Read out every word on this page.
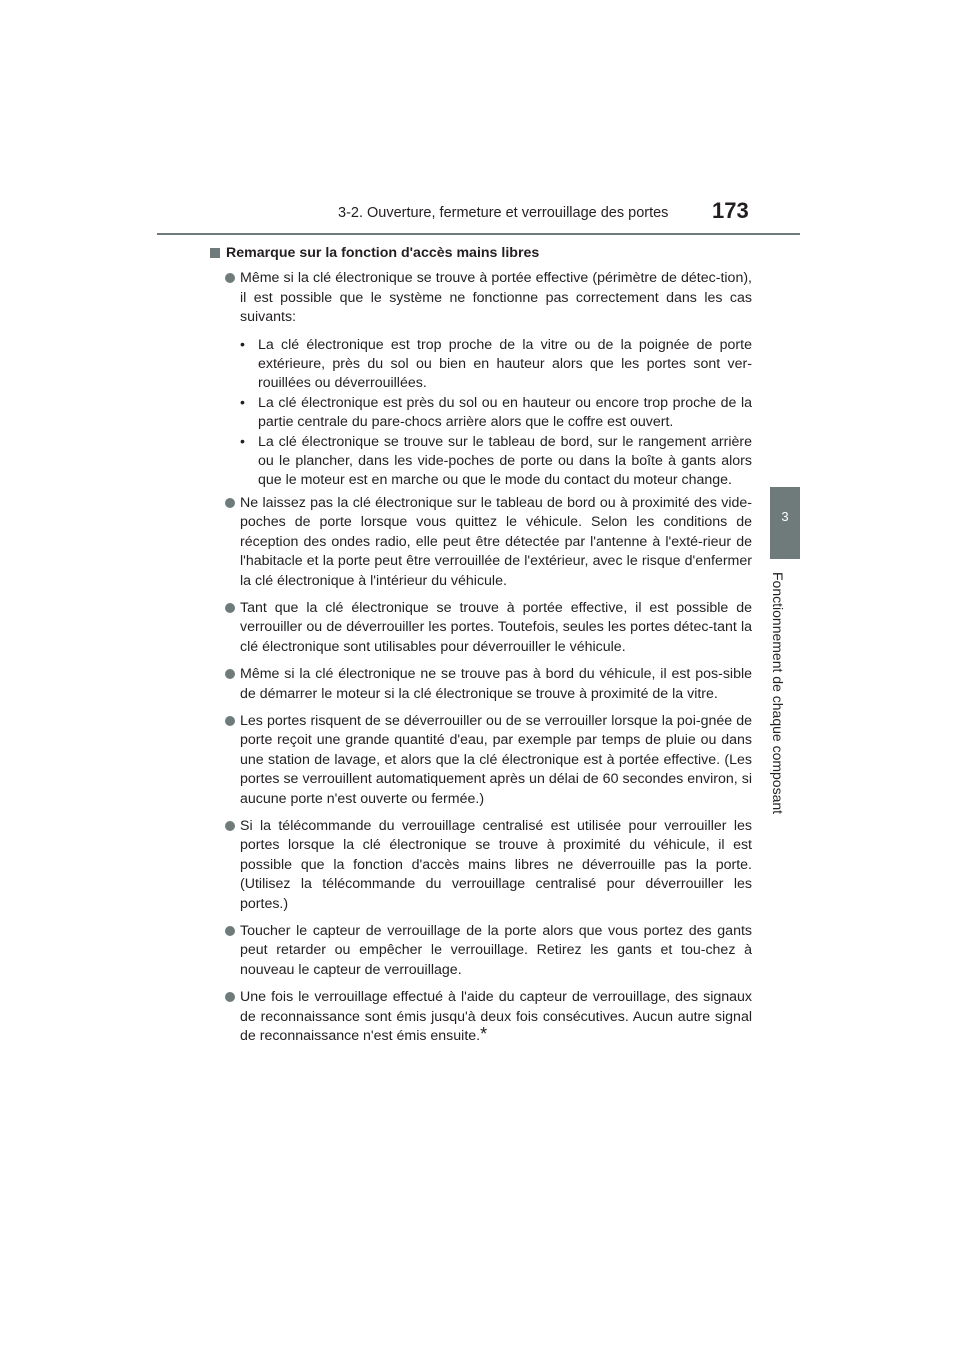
3-2. Ouverture, fermeture et verrouillage des portes 173
3
Fonctionnement de chaque composant
Remarque sur la fonction d'accès mains libres
Même si la clé électronique se trouve à portée effective (périmètre de détec-tion), il est possible que le système ne fonctionne pas correctement dans les cas suivants:
• La clé électronique est trop proche de la vitre ou de la poignée de porte extérieure, près du sol ou bien en hauteur alors que les portes sont ver-rouillées ou déverrouillées.
• La clé électronique est près du sol ou en hauteur ou encore trop proche de la partie centrale du pare-chocs arrière alors que le coffre est ouvert.
• La clé électronique se trouve sur le tableau de bord, sur le rangement arrière ou le plancher, dans les vide-poches de porte ou dans la boîte à gants alors que le moteur est en marche ou que le mode du contact du moteur change.
Ne laissez pas la clé électronique sur le tableau de bord ou à proximité des vide-poches de porte lorsque vous quittez le véhicule. Selon les conditions de réception des ondes radio, elle peut être détectée par l'antenne à l'exté-rieur de l'habitacle et la porte peut être verrouillée de l'extérieur, avec le risque d'enfermer la clé électronique à l'intérieur du véhicule.
Tant que la clé électronique se trouve à portée effective, il est possible de verrouiller ou de déverrouiller les portes. Toutefois, seules les portes détec-tant la clé électronique sont utilisables pour déverrouiller le véhicule.
Même si la clé électronique ne se trouve pas à bord du véhicule, il est pos-sible de démarrer le moteur si la clé électronique se trouve à proximité de la vitre.
Les portes risquent de se déverrouiller ou de se verrouiller lorsque la poi-gnée de porte reçoit une grande quantité d'eau, par exemple par temps de pluie ou dans une station de lavage, et alors que la clé électronique est à portée effective. (Les portes se verrouillent automatiquement après un délai de 60 secondes environ, si aucune porte n'est ouverte ou fermée.)
Si la télécommande du verrouillage centralisé est utilisée pour verrouiller les portes lorsque la clé électronique se trouve à proximité du véhicule, il est possible que la fonction d'accès mains libres ne déverrouille pas la porte. (Utilisez la télécommande du verrouillage centralisé pour déverrouiller les portes.)
Toucher le capteur de verrouillage de la porte alors que vous portez des gants peut retarder ou empêcher le verrouillage. Retirez les gants et tou-chez à nouveau le capteur de verrouillage.
Une fois le verrouillage effectué à l'aide du capteur de verrouillage, des signaux de reconnaissance sont émis jusqu'à deux fois consécutives. Aucun autre signal de reconnaissance n'est émis ensuite.*
